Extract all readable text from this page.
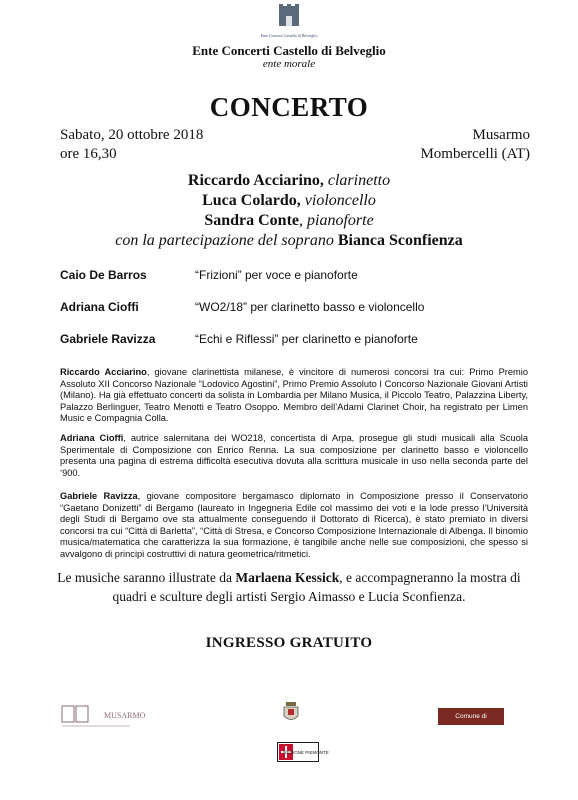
Ente Concerti Castello di Belveglio
Ente Concerti Castello di Belveglio
ente morale
CONCERTO
Sabato, 20 ottobre 2018
ore 16,30
Musarmo
Mombercelli (AT)
Riccardo Acciarino, clarinetto
Luca Colardo, violoncello
Sandra Conte, pianoforte
con la partecipazione del soprano Bianca Sconfienza
Caio De Barros	“Frizioni” per voce e pianoforte
Adriana Cioffi	“WO2/18” per clarinetto basso e violoncello
Gabriele Ravizza	“Echi e Riflessi” per clarinetto e pianoforte

Riccardo Acciarino, giovane clarinettista milanese, è vincitore di numerosi concorsi tra cui: Primo Premio Assoluto XII Concorso Nazionale “Lodovico Agostini”, Primo Premio Assoluto I Concorso Nazionale Giovani Artisti (Milano). Ha già effettuato concerti da solista in Lombardia per Milano Musica, il Piccolo Teatro, Palazzina Liberty, Palazzo Berlinguer, Teatro Menotti e Teatro Osoppo. Membro dell’Adami Clarinet Choir, ha registrato per Limen Music e Compagnia Colla.

Adriana Cioffi, autrice salernitana dei WO218, concertista di Arpa, prosegue gli studi musicali alla Scuola Sperimentale di Composizione con Enrico Renna. La sua composizione per clarinetto basso e violoncello presenta una pagina di estrema difficoltà esecutiva dovuta alla scrittura musicale in uso nella seconda parte del ‘900.

Gabriele Ravizza, giovane compositore bergamasco diplomato in Composizione presso il Conservatorio “Gaetano Donizetti” di Bergamo (laureato in Ingegneria Edile col massimo dei voti e la lode presso l’Università degli Studi di Bergamo ove sta attualmente conseguendo il Dottorato di Ricerca), è stato premiato in diversi concorsi tra cui “Città di Barletta”, “Città di Stresa, e Concorso Composizione Internazionale di Albenga. Il binomio musica/matematica che caratterizza la sua formazione, è tangibile anche nelle sue composizioni, che spesso si avvalgono di principi costruttivi di natura geometrica/ritmetici.

Le musiche saranno illustrate da Marlaena Kessick, e accompagneranno la mostra di quadri e sculture degli artisti Sergio Aimasso e Lucia Sconfienza.
INGRESSO GRATUITO
MUSARMO	Comune di Mombercelli
REGIONE PIEMONTE
